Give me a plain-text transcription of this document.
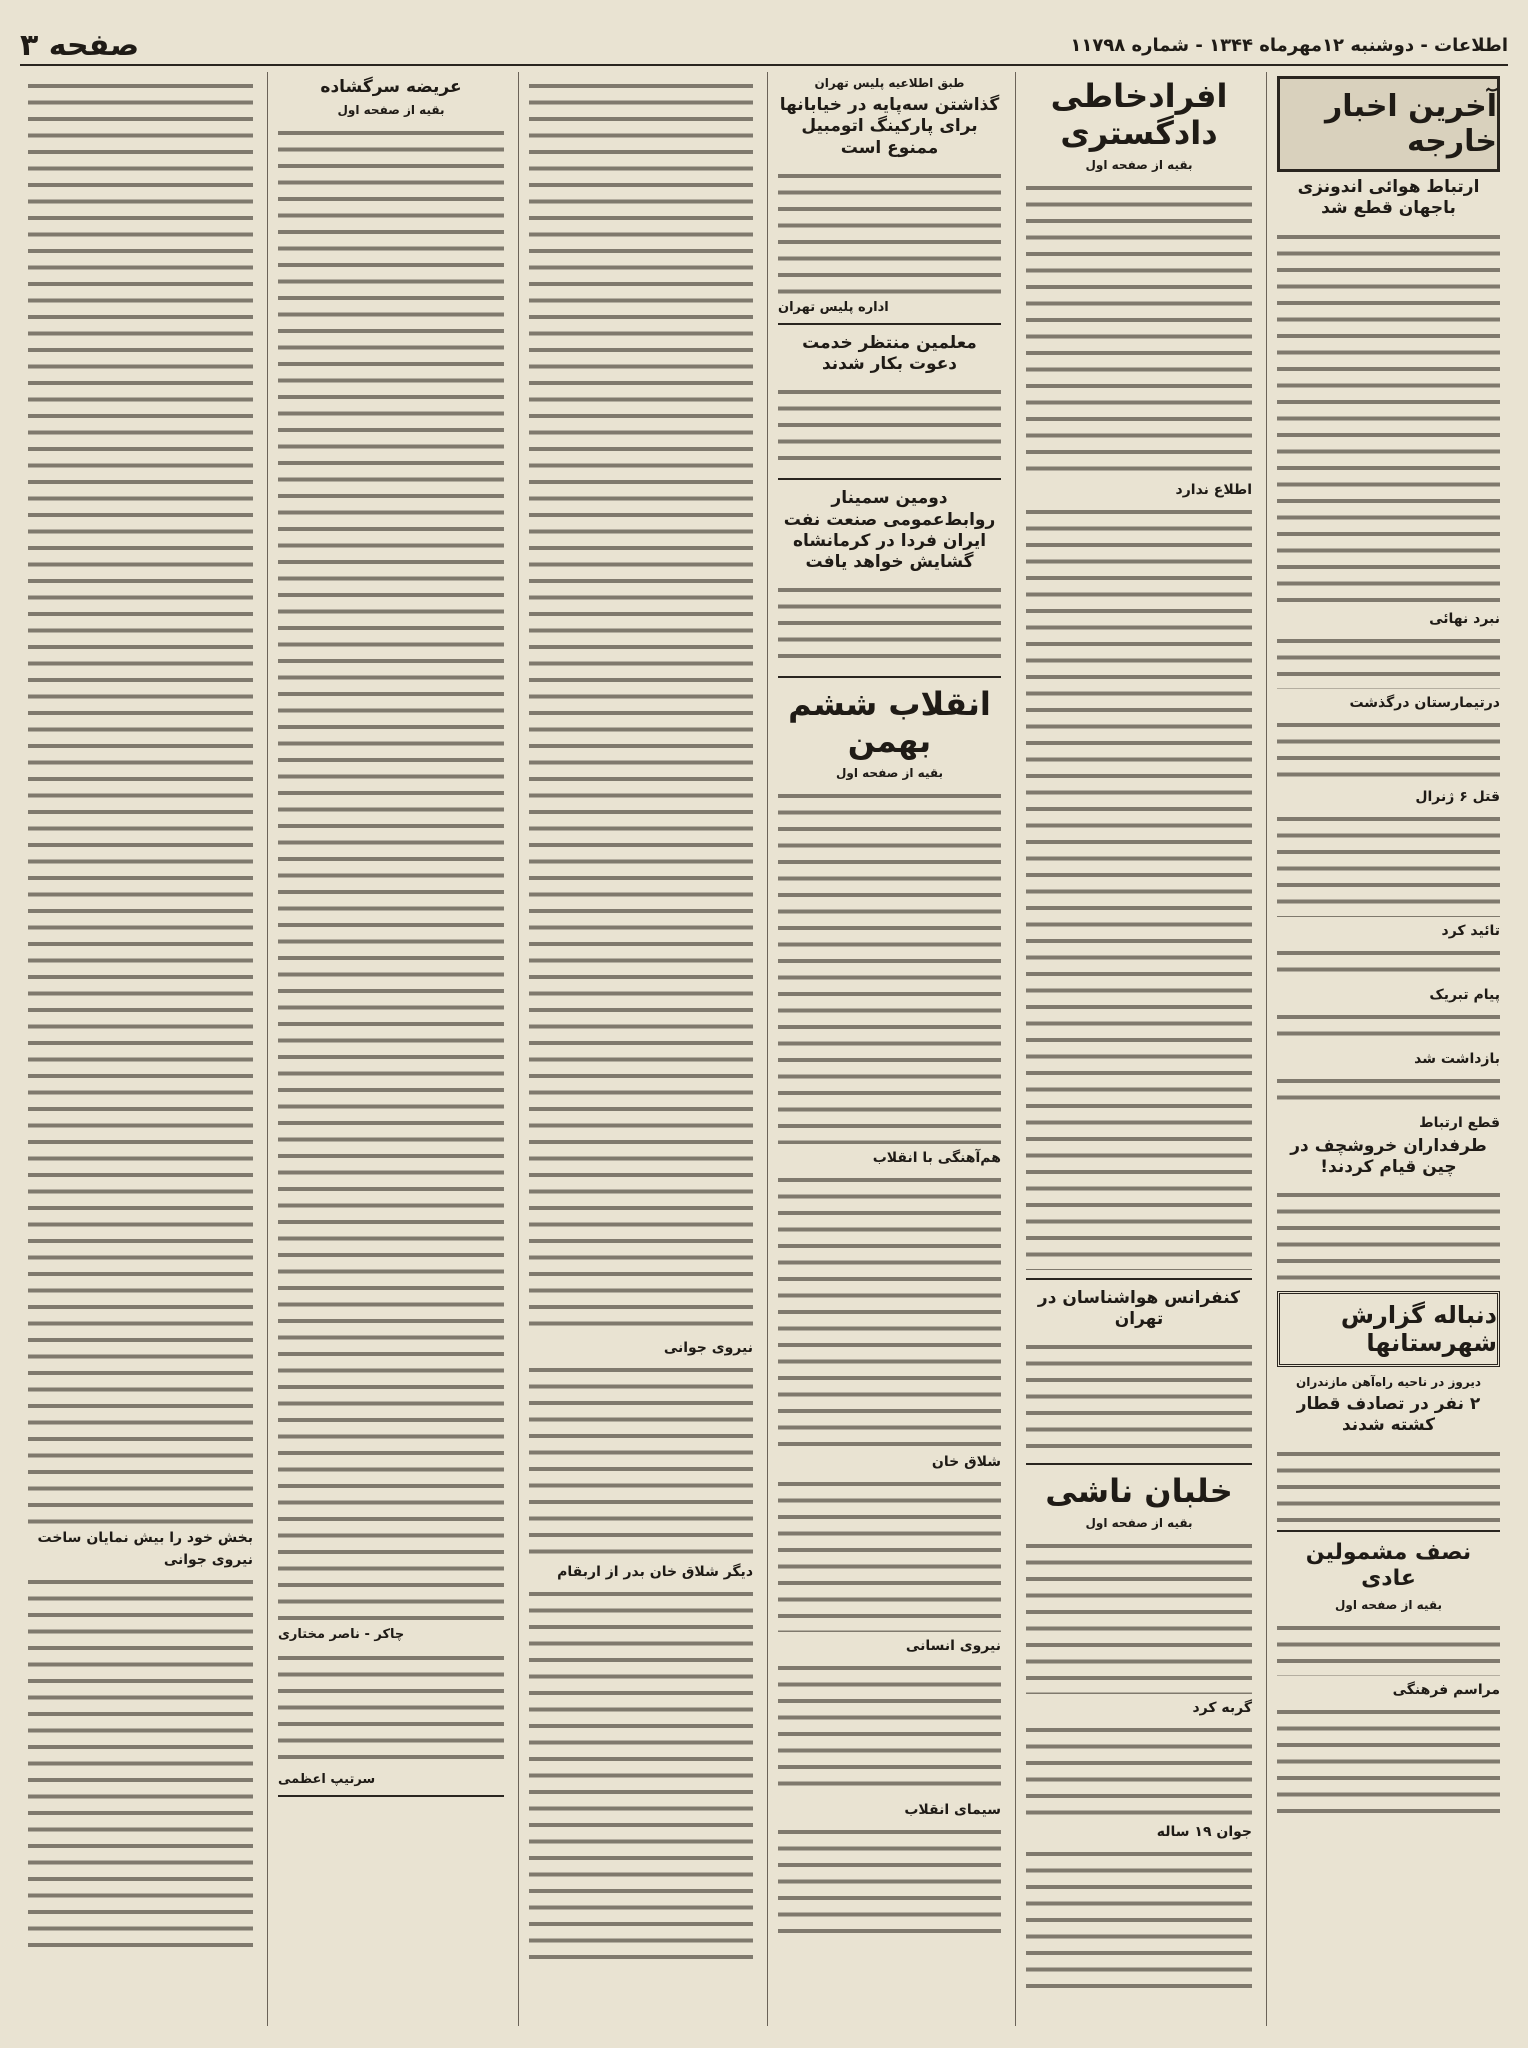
اطلاعات - دوشنبه ۱۲مهرماه ۱۳۴۴ - شماره ۱۱۷۹۸
صفحه ۳
آخرین اخبار خارجه
ارتباط هوائی اندونزی باجهان قطع شد

نبرد نهائی

درتیمارستان درگذشت

قتل ۶ ژنرال

تائید کرد

پیام تبریک

بازداشت شد

قطع ارتباط
طرفداران خروشچف در چین قیام کردند!

دنباله گزارش شهرستانها
دیروز در ناحیه راه‌آهن مازندران
۲ نفر در تصادف قطار کشته شدند

نصف مشمولین عادی
بقیه از صفحه اول

مراسم فرهنگی

افرادخاطی دادگستری
بقیه از صفحه اول

اطلاع ندارد

کنفرانس هواشناسان در تهران

خلبان ناشی
بقیه از صفحه اول

گربه کرد

جوان ۱۹ ساله

طبق اطلاعیه پلیس تهران
گذاشتن سه‌پایه در خیابانها برای پارکینگ اتومبیل ممنوع است

اداره پلیس تهران
معلمین منتظر خدمت دعوت بکار شدند

دومین سمینار روابط‌عمومی صنعت نفت ایران فردا در کرمانشاه گشایش خواهد یافت

انقلاب ششم بهمن
بقیه از صفحه اول

هم‌آهنگی با انقلاب

شلاق خان

نیروی انسانی

سیمای انقلاب

نیروی جوانی

دیگر شلاق خان بدر از اربقام

عریضه سرگشاده
بقیه از صفحه اول

چاکر - ناصر مختاری

سرتیپ اعظمی

بخش خود را بیش نمایان ساخت
نیروی جوانی
